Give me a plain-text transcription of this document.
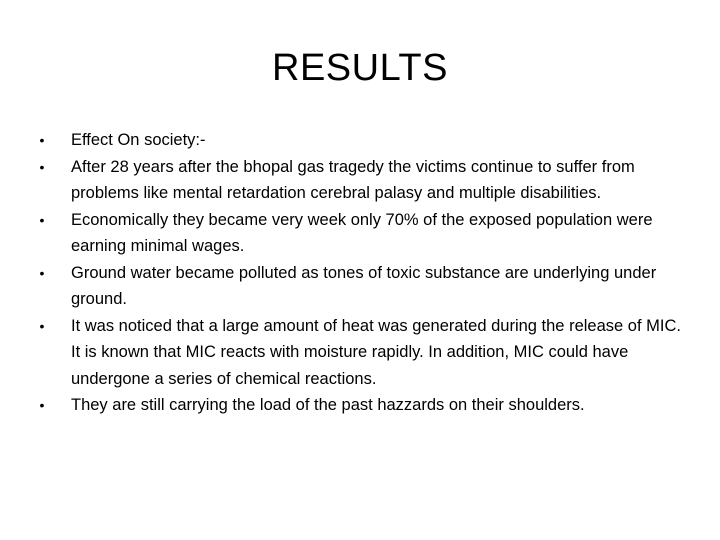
RESULTS
• Effect On society:-
• After 28 years after the bhopal gas tragedy the victims continue to suffer from problems like mental retardation cerebral palasy and multiple disabilities.
• Economically they became very week only 70% of the exposed population were earning minimal wages.
• Ground water became polluted as tones of toxic substance are underlying under ground.
• It was noticed that a large amount of heat was generated during the release of MIC. It is known that MIC reacts with moisture rapidly. In addition, MIC could have undergone a series of chemical reactions.
• They are still carrying the load of the past hazzards on their shoulders.
